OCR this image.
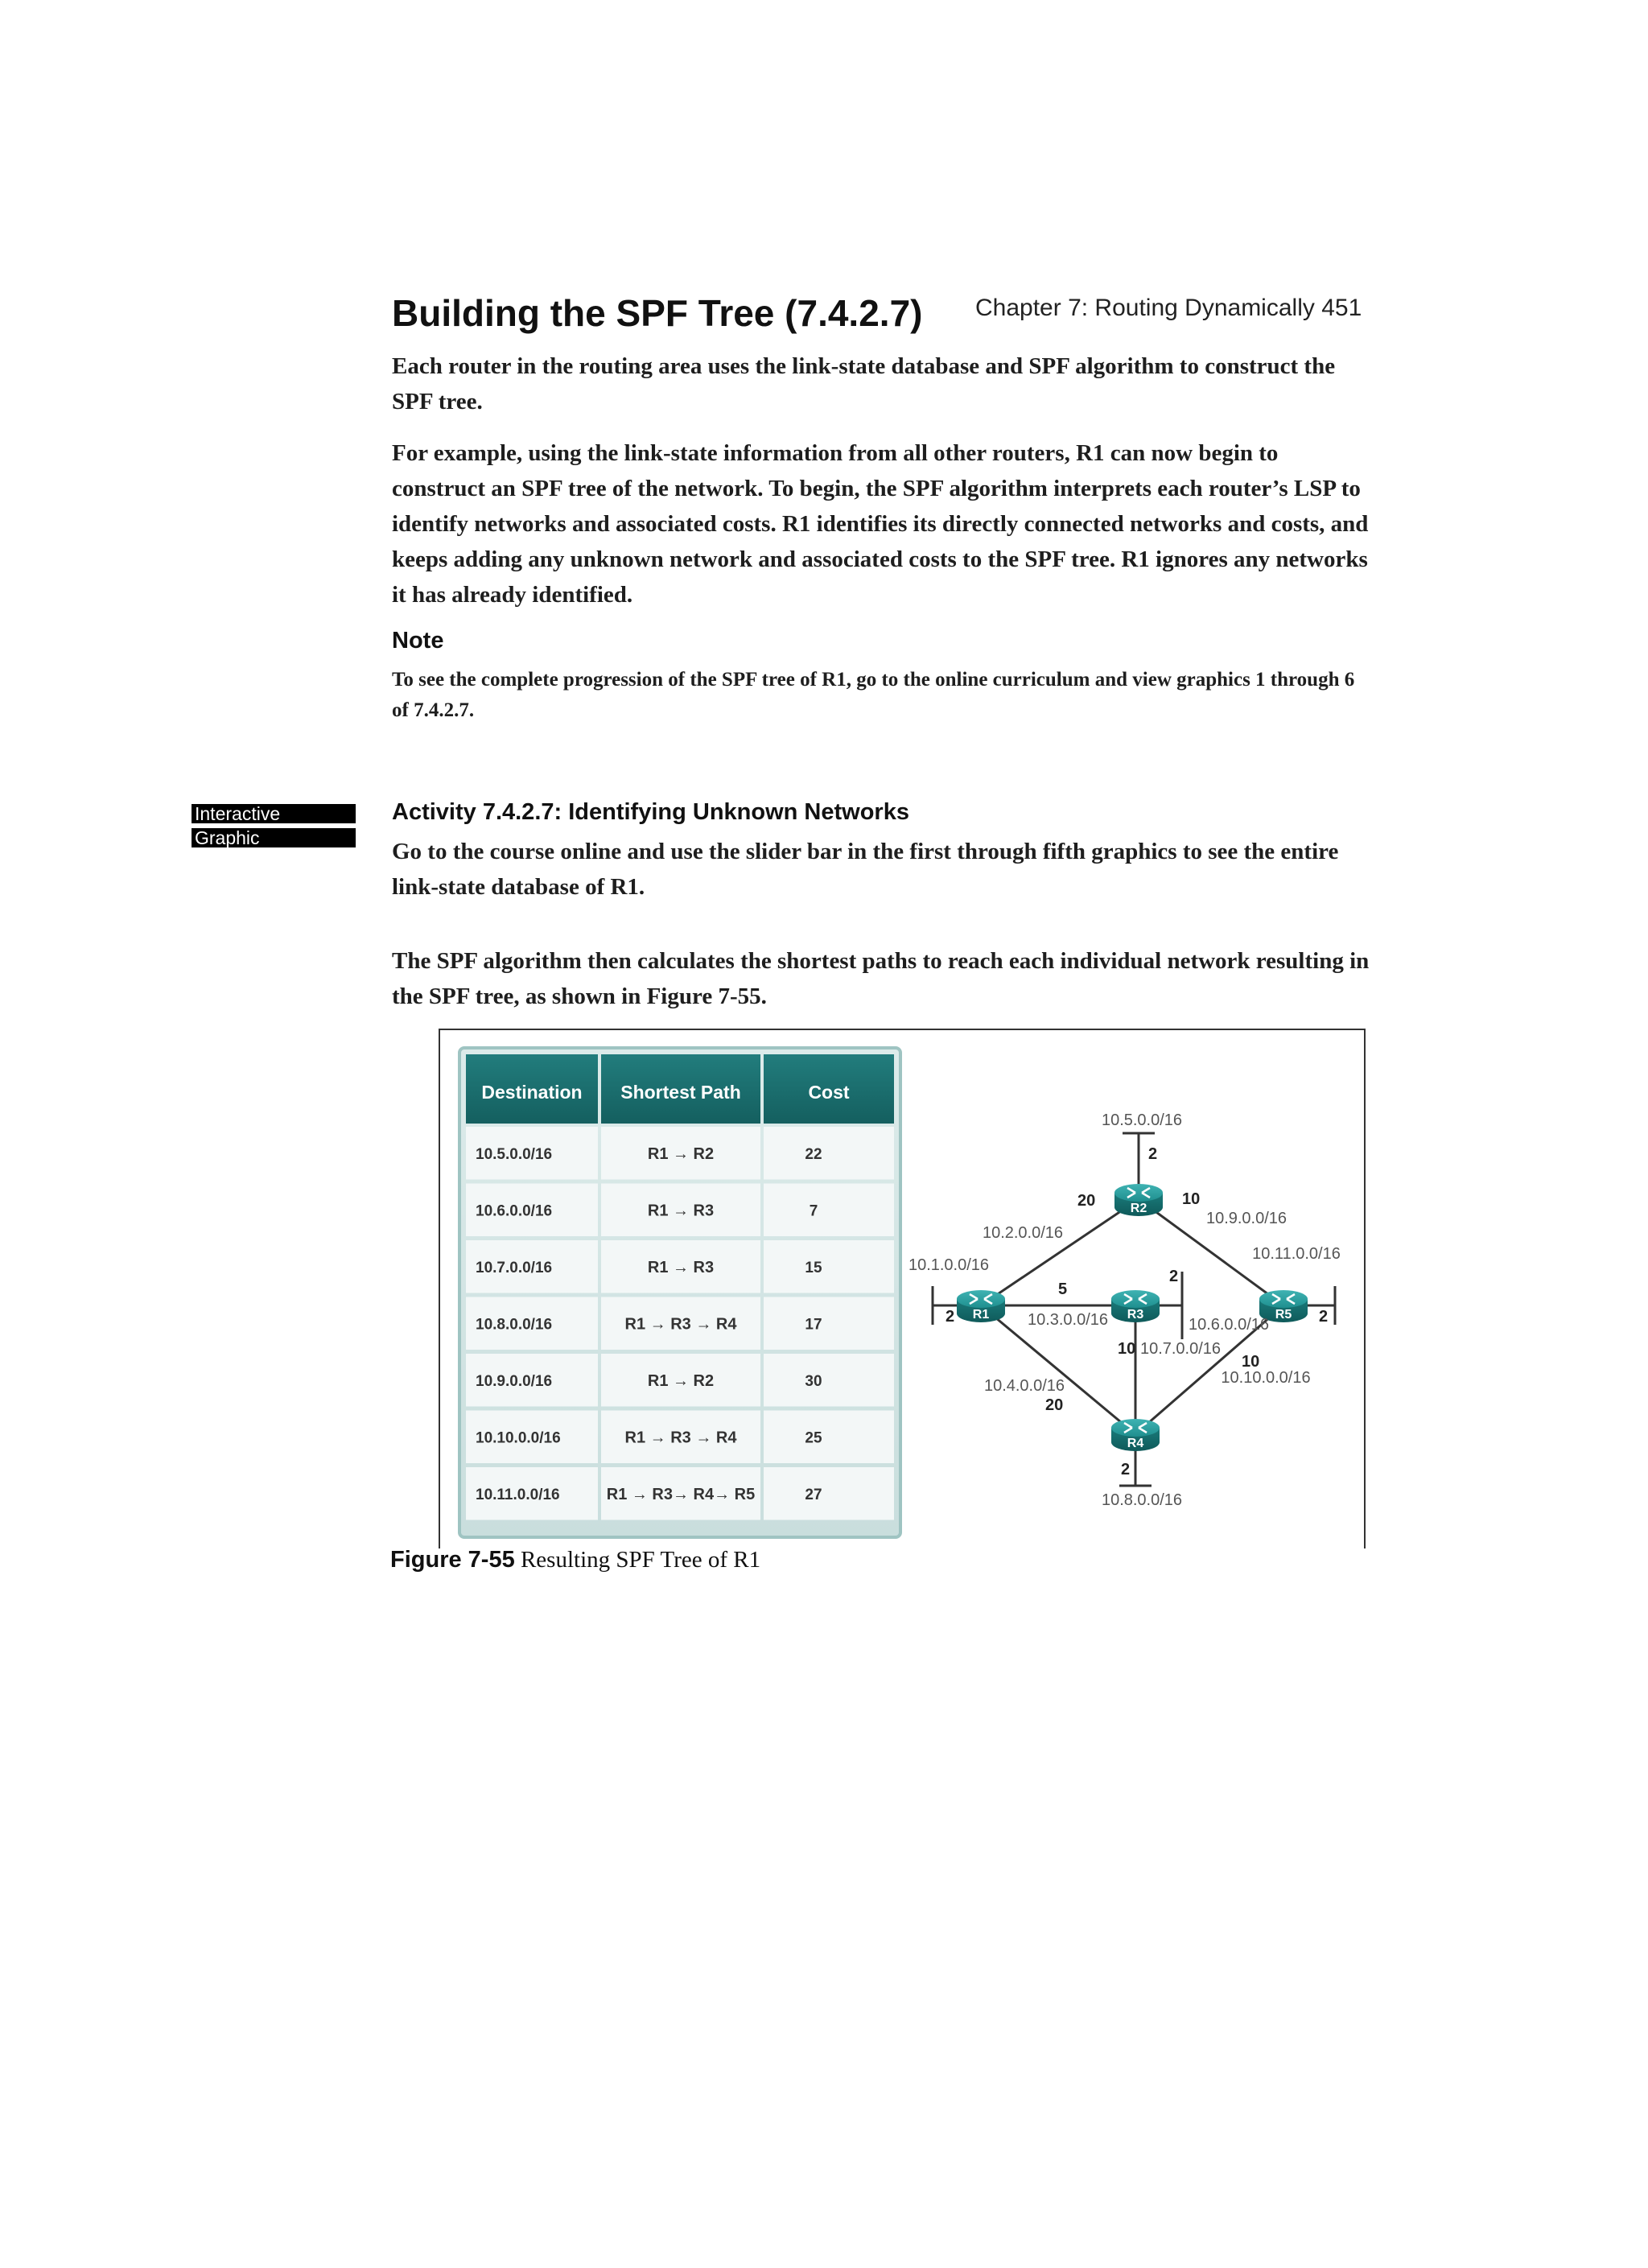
Building the SPF Tree (7.4.2.7) Chapter 7: Routing Dynamically 451

Each router in the routing area uses the link-state database and SPF algorithm to construct the SPF tree.

For example, using the link-state information from all other routers, R1 can now begin to construct an SPF tree of the network. To begin, the SPF algorithm interprets each router’s LSP to identify networks and associated costs. R1 identifies its directly connected networks and costs, and keeps adding any unknown network and associated costs to the SPF tree. R1 ignores any networks it has already identified.

Note

To see the complete progression of the SPF tree of R1, go to the online curriculum and view graphics 1 through 6 of 7.4.2.7.

Interactive
Graphic
Activity 7.4.2.7: Identifying Unknown Networks

Go to the course online and use the slider bar in the first through fifth graphics to see the entire link-state database of R1.

The SPF algorithm then calculates the shortest paths to reach each individual network resulting in the SPF tree, as shown in Figure 7-55.

Destination Shortest Path	Cost
10.5.0.0/16	R1 → R2	22
10.6.0.0/16	R1 → R3	7
10.7.0.0/16	R1 → R3	15
10.8.0.0/16	R1 → R3 → R4	17
10.9.0.0/16	R1 → R2	30
10.10.0.0/16	R1 → R3 → R4	25
10.11.0.0/16	R1 → R3→ R4→ R5	27
R1
R2
R3
R4
R5
10.5.0.0/16
10.2.0.0/16
10.1.0.0/16
10.9.0.0/16
10.11.0.0/16
10.3.0.0/16	10.6.0.0/16
10.7.0.0/16
10.4.0.0/16	10.10.0.0/16
10.8.0.0/16
2
20	10
5
2
2	2
10
10
20
2
Figure 7-55 Resulting SPF Tree of R1
